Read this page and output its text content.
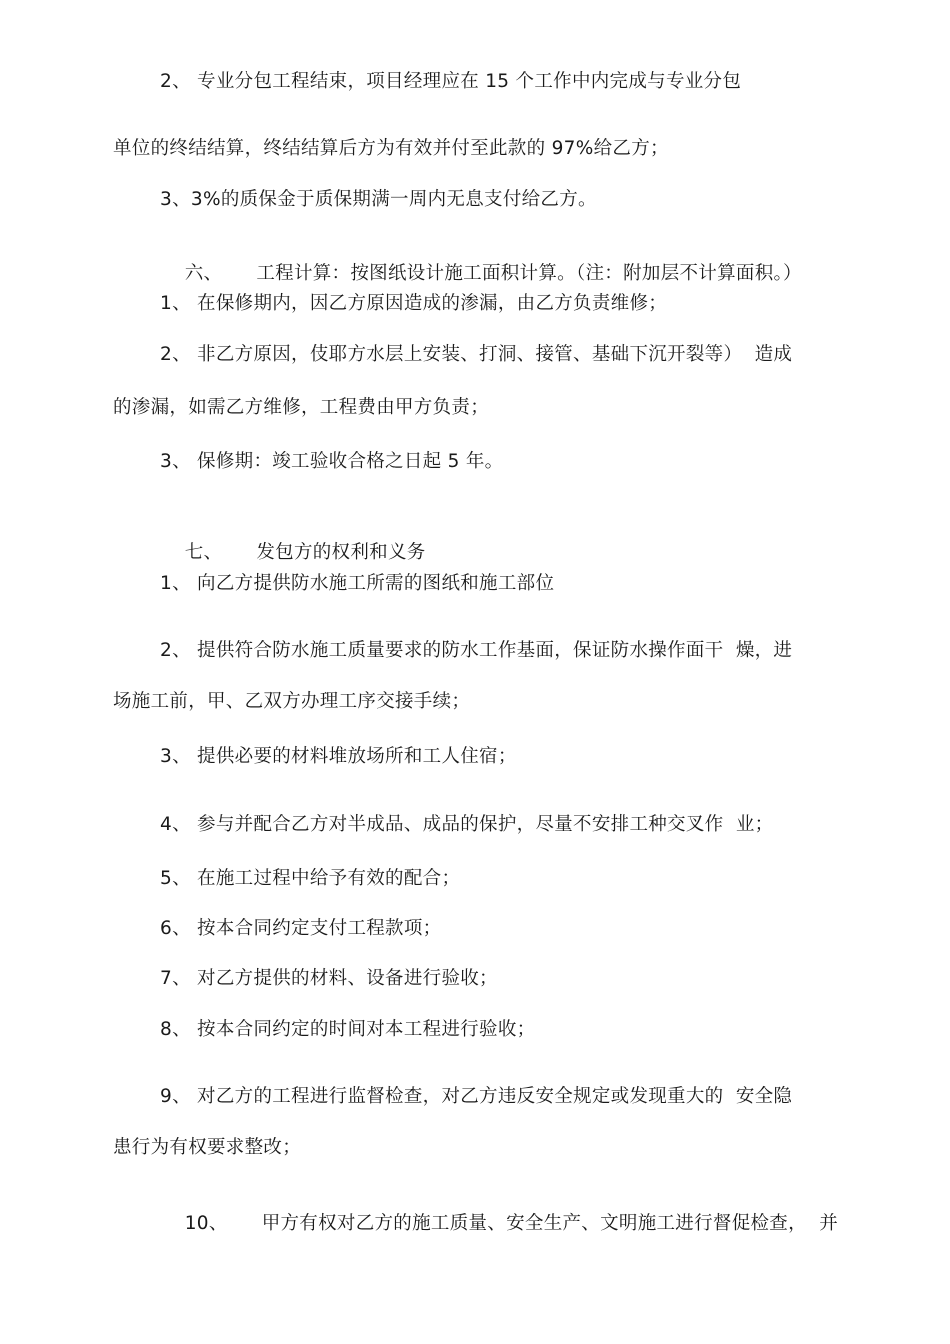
2、 专业分包工程结束，项目经理应在 15 个工作中内完成与专业分包
单位的终结结算，终结结算后方为有效并付至此款的 97%给乙方；
3、3%的质保金于质保期满一周内无息支付给乙方。

六、 工程计算：按图纸设计施工面积计算。（注：附加层不计算面积。）

1、 在保修期内，因乙方原因造成的渗漏，由乙方负责维修；
2、 非乙方原因，伎耶方水层上安装、打洞、接管、基础下沉开裂等）  造成
的渗漏，如需乙方维修，工程费由甲方负责；
3、 保修期：竣工验收合格之日起 5 年。

七、 发包方的权利和义务

1、 向乙方提供防水施工所需的图纸和施工部位
2、 提供符合防水施工质量要求的防水工作基面，保证防水操作面干  燥，进
场施工前，甲、乙双方办理工序交接手续；
3、 提供必要的材料堆放场所和工人住宿；
4、 参与并配合乙方对半成品、成品的保护，尽量不安排工种交叉作  业；
5、 在施工过程中给予有效的配合；
6、 按本合同约定支付工程款项；
7、 对乙方提供的材料、设备进行验收；
8、 按本合同约定的时间对本工程进行验收；
9、 对乙方的工程进行监督检查，对乙方违反安全规定或发现重大的  安全隐
患行为有权要求整改；

10、 甲方有权对乙方的施工质量、安全生产、文明施工进行督促检查，  并
